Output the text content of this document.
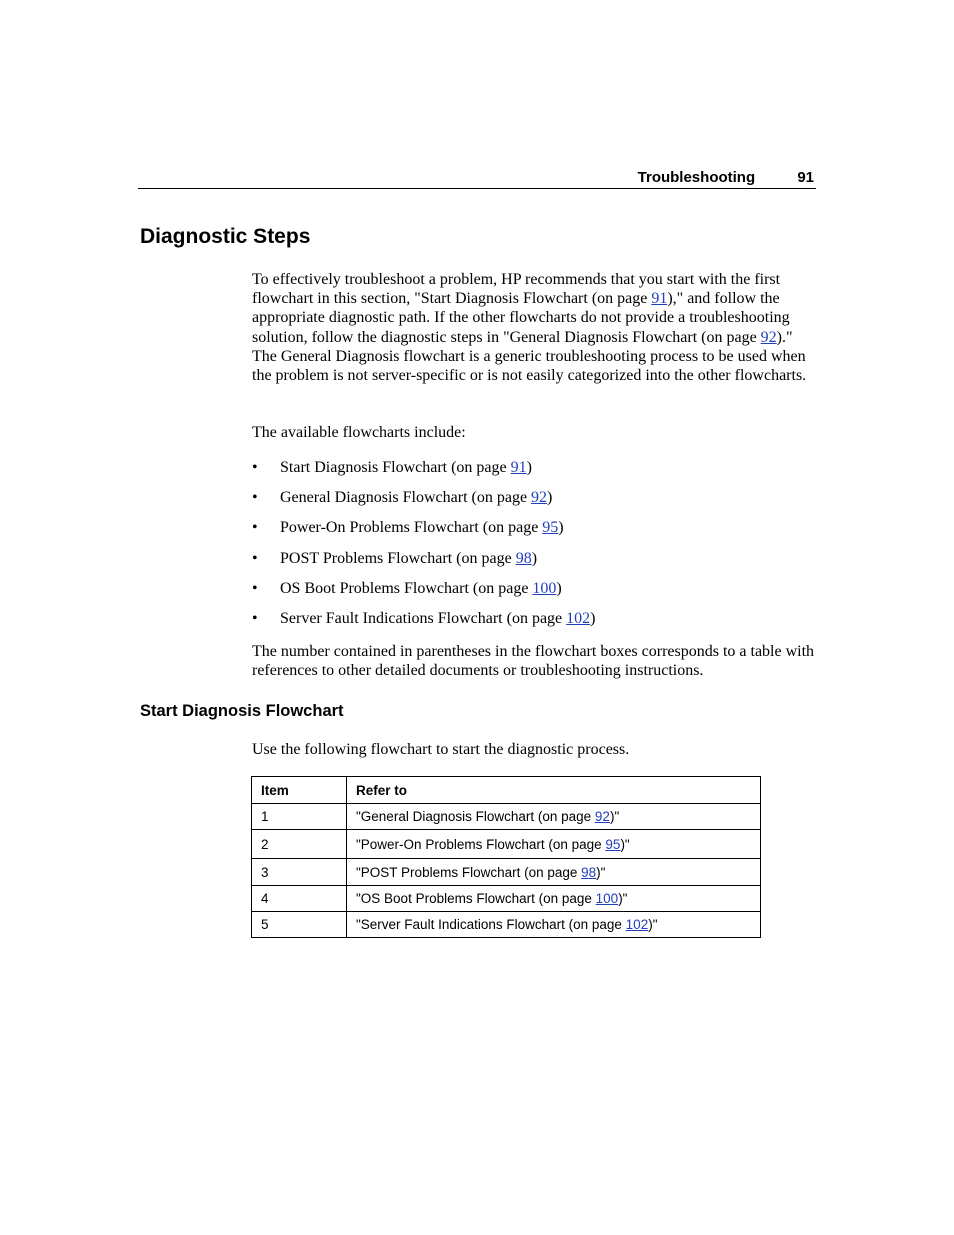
Troubleshooting	91
Diagnostic Steps

To effectively troubleshoot a problem, HP recommends that you start with the first flowchart in this section, "Start Diagnosis Flowchart (on page 91)," and follow the appropriate diagnostic path. If the other flowcharts do not provide a troubleshooting solution, follow the diagnostic steps in "General Diagnosis Flowchart (on page 92)." The General Diagnosis flowchart is a generic troubleshooting process to be used when the problem is not server-specific or is not easily categorized into the other flowcharts.

The available flowcharts include:

• Start Diagnosis Flowchart (on page 91)
• General Diagnosis Flowchart (on page 92)
• Power-On Problems Flowchart (on page 95)
• POST Problems Flowchart (on page 98)
• OS Boot Problems Flowchart (on page 100)
• Server Fault Indications Flowchart (on page 102)

The number contained in parentheses in the flowchart boxes corresponds to a table with references to other detailed documents or troubleshooting instructions.

Start Diagnosis Flowchart

Use the following flowchart to start the diagnostic process.

Item	Refer to
1	"General Diagnosis Flowchart (on page 92)"
2	"Power-On Problems Flowchart (on page 95)"
3	"POST Problems Flowchart (on page 98)"
4	"OS Boot Problems Flowchart (on page 100)"
5	"Server Fault Indications Flowchart (on page 102)"
